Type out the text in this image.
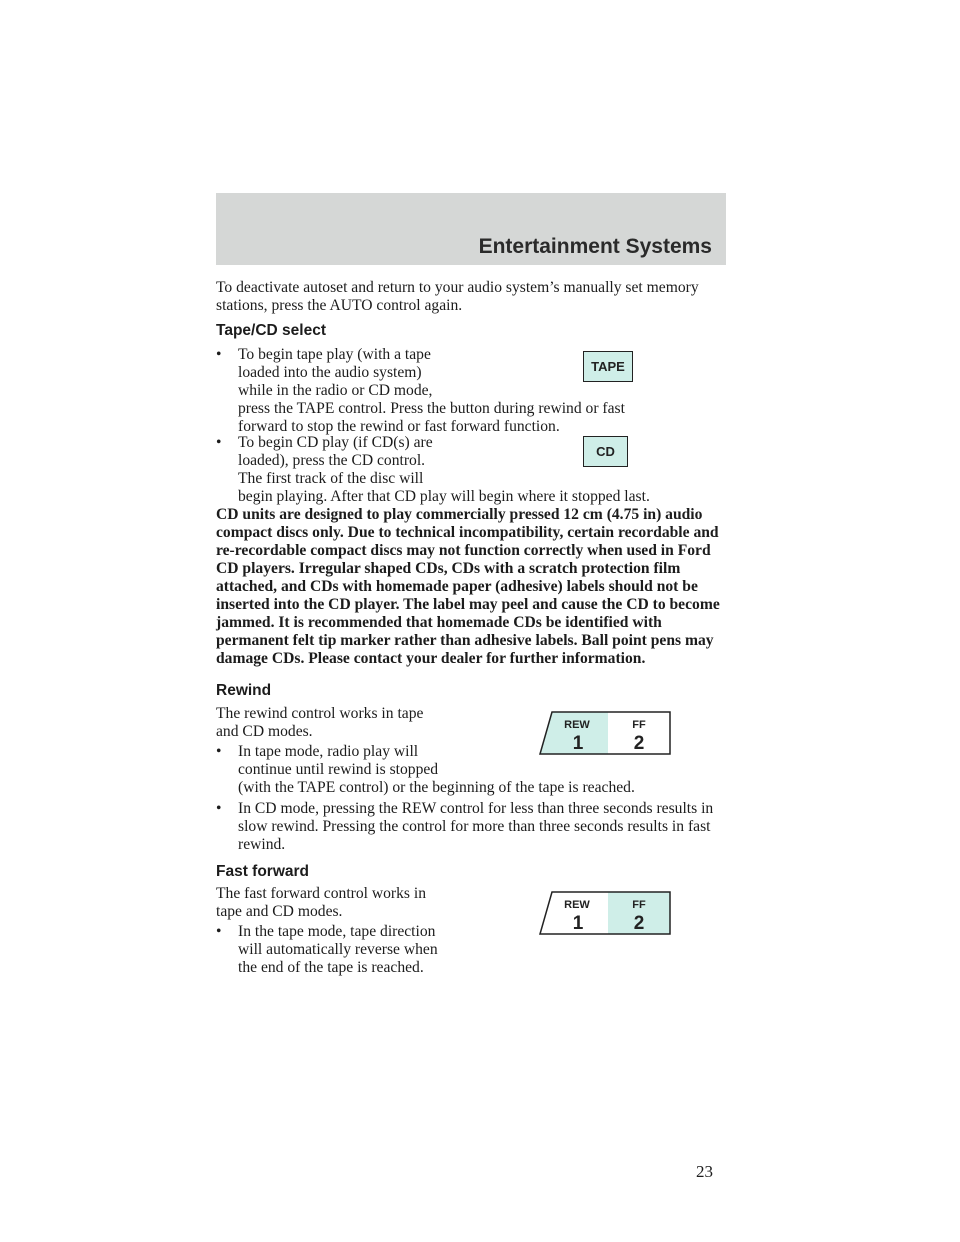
Entertainment Systems

To deactivate autoset and return to your audio system’s manually set memory stations, press the AUTO control again.

Tape/CD select
• To begin tape play (with a tape
loaded into the audio system)
while in the radio or CD mode,
press the TAPE control. Press the button during rewind or fast
forward to stop the rewind or fast forward function.
TAPE
• To begin CD play (if CD(s) are
loaded), press the CD control.
The first track of the disc will
begin playing. After that CD play will begin where it stopped last.
CD

CD units are designed to play commercially pressed 12 cm (4.75 in) audio compact discs only. Due to technical incompatibility, certain recordable and re-recordable compact discs may not function correctly when used in Ford CD players. Irregular shaped CDs, CDs with a scratch protection film attached, and CDs with homemade paper (adhesive) labels should not be inserted into the CD player. The label may peel and cause the CD to become jammed. It is recommended that homemade CDs be identified with permanent felt tip marker rather than adhesive labels. Ball point pens may damage CDs. Please contact your dealer for further information.

Rewind
The rewind control works in tape
and CD modes.
• In tape mode, radio play will
continue until rewind is stopped
(with the TAPE control) or the beginning of the tape is reached.
• In CD mode, pressing the REW control for less than three seconds results in slow rewind. Pressing the control for more than three seconds results in fast rewind.

REW
1
FF
2
Fast forward
The fast forward control works in
tape and CD modes.
• In the tape mode, tape direction
will automatically reverse when
the end of the tape is reached.
REW
1
FF
2
23
